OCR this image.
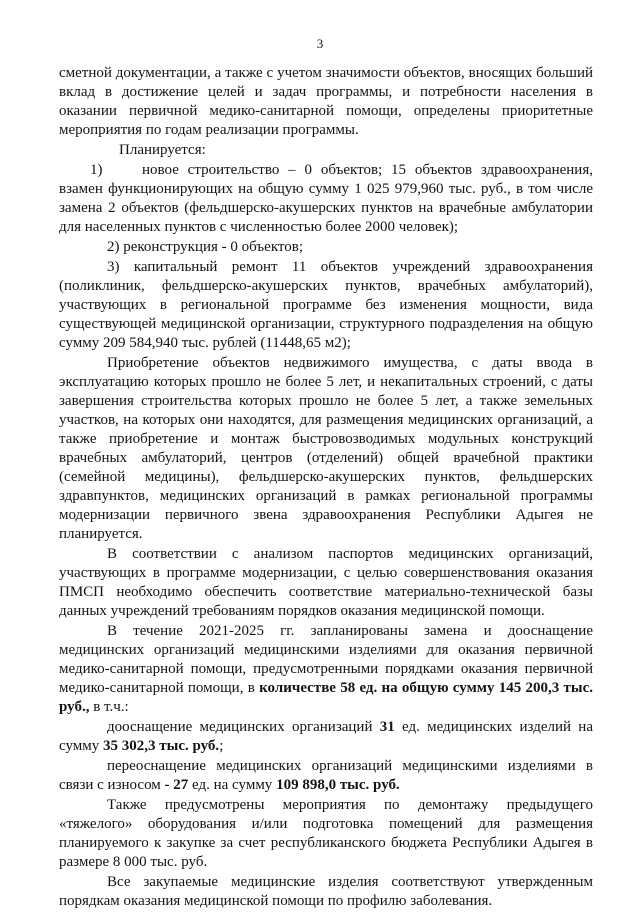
3

сметной документации, а также с учетом значимости объектов, вносящих больший вклад в достижение целей и задач программы, и потребности населения в оказании первичной медико-санитарной помощи, определены приоритетные мероприятия по годам реализации программы.

Планируется:

1)	новое строительство – 0 объектов; 15 объектов здравоохранения, взамен функционирующих на общую сумму 1 025 979,960 тыс. руб., в том числе замена 2 объектов (фельдшерско-акушерских пунктов на врачебные амбулатории для населенных пунктов с численностью более 2000 человек);

2) реконструкция - 0 объектов;

3) капитальный ремонт 11 объектов учреждений здравоохранения (поликлиник, фельдшерско-акушерских пунктов, врачебных амбулаторий), участвующих в региональной программе без изменения мощности, вида существующей медицинской организации, структурного подразделения на общую сумму 209 584,940 тыс. рублей (11448,65 м2);

Приобретение объектов недвижимого имущества, с даты ввода в эксплуатацию которых прошло не более 5 лет, и некапитальных строений, с даты завершения строительства которых прошло не более 5 лет, а также земельных участков, на которых они находятся, для размещения медицинских организаций, а также приобретение и монтаж быстровозводимых модульных конструкций врачебных амбулаторий, центров (отделений) общей врачебной практики (семейной медицины), фельдшерско-акушерских пунктов, фельдшерских здравпунктов, медицинских организаций в рамках региональной программы модернизации первичного звена здравоохранения Республики Адыгея не планируется.

В соответствии с анализом паспортов медицинских организаций, участвующих в программе модернизации, с целью совершенствования оказания ПМСП необходимо обеспечить соответствие материально-технической базы данных учреждений требованиям порядков оказания медицинской помощи.

В течение 2021-2025 гг. запланированы замена и дооснащение медицинских организаций медицинскими изделиями для оказания первичной медико-санитарной помощи, предусмотренными порядками оказания первичной медико-санитарной помощи, в количестве 58 ед. на общую сумму 145 200,3 тыс. руб., в т.ч.:

дооснащение медицинских организаций 31 ед. медицинских изделий на сумму 35 302,3 тыс. руб.;

переоснащение медицинских организаций медицинскими изделиями в связи с износом - 27 ед. на сумму 109 898,0 тыс. руб.

Также предусмотрены мероприятия по демонтажу предыдущего «тяжелого» оборудования и/или подготовка помещений для размещения планируемого к закупке за счет республиканского бюджета Республики Адыгея в размере 8 000 тыс. руб.

Все закупаемые медицинские изделия соответствуют утвержденным порядкам оказания медицинской помощи по профилю заболевания.
